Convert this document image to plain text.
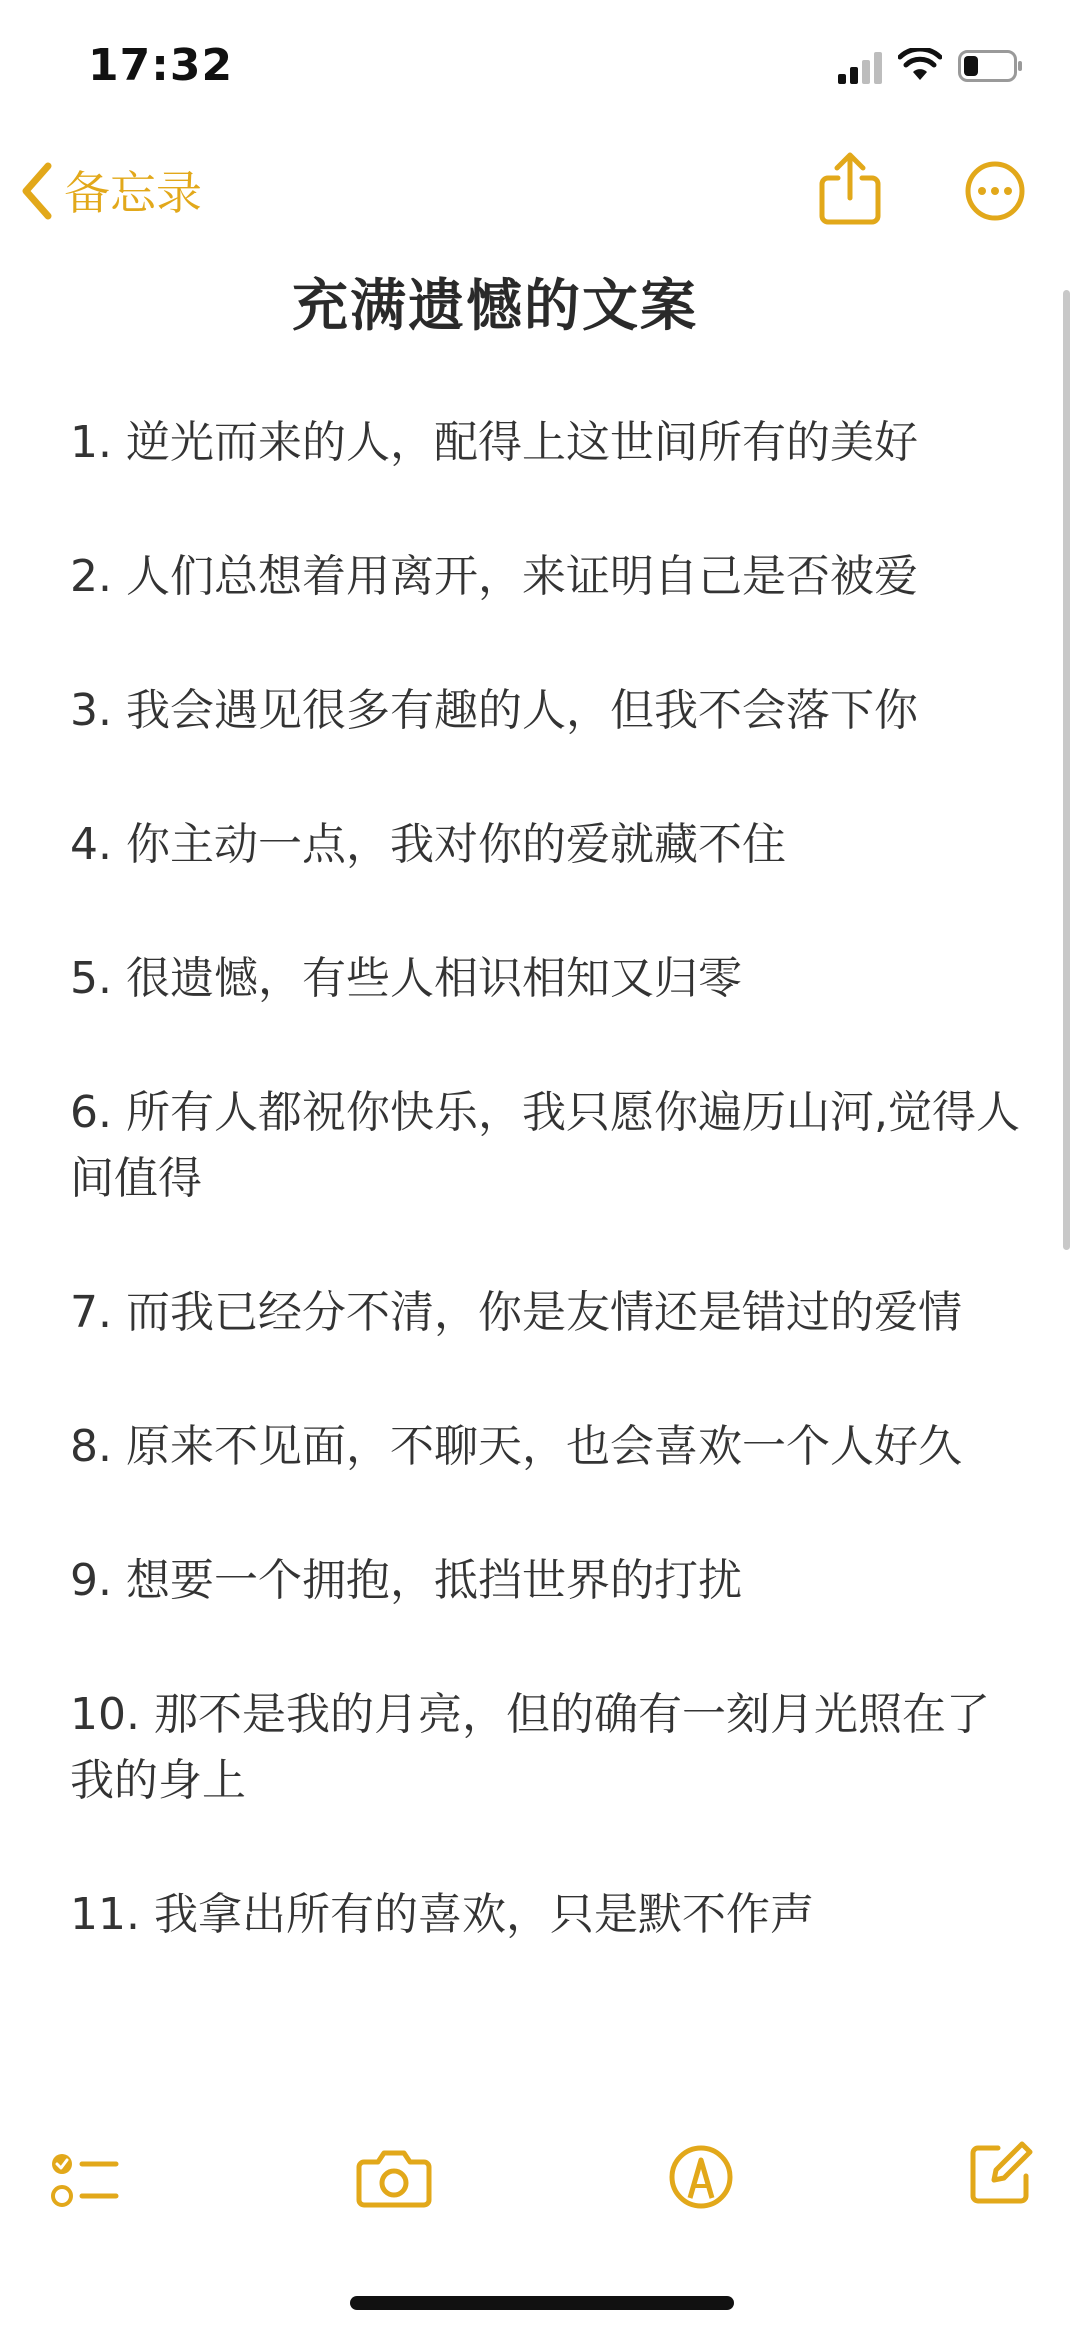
17:32
备忘录
充满遗憾的文案

1. 逆光而来的人，配得上这世间所有的美好

2. 人们总想着用离开，来证明自己是否被爱

3. 我会遇见很多有趣的人，但我不会落下你

4. 你主动一点，我对你的爱就藏不住

5. 很遗憾，有些人相识相知又归零

6. 所有人都祝你快乐，我只愿你遍历山河,觉得人间值得

7. 而我已经分不清，你是友情还是错过的爱情

8. 原来不见面，不聊天，也会喜欢一个人好久

9. 想要一个拥抱，抵挡世界的打扰

10. 那不是我的月亮，但的确有一刻月光照在了我的身上

11. 我拿出所有的喜欢，只是默不作声
